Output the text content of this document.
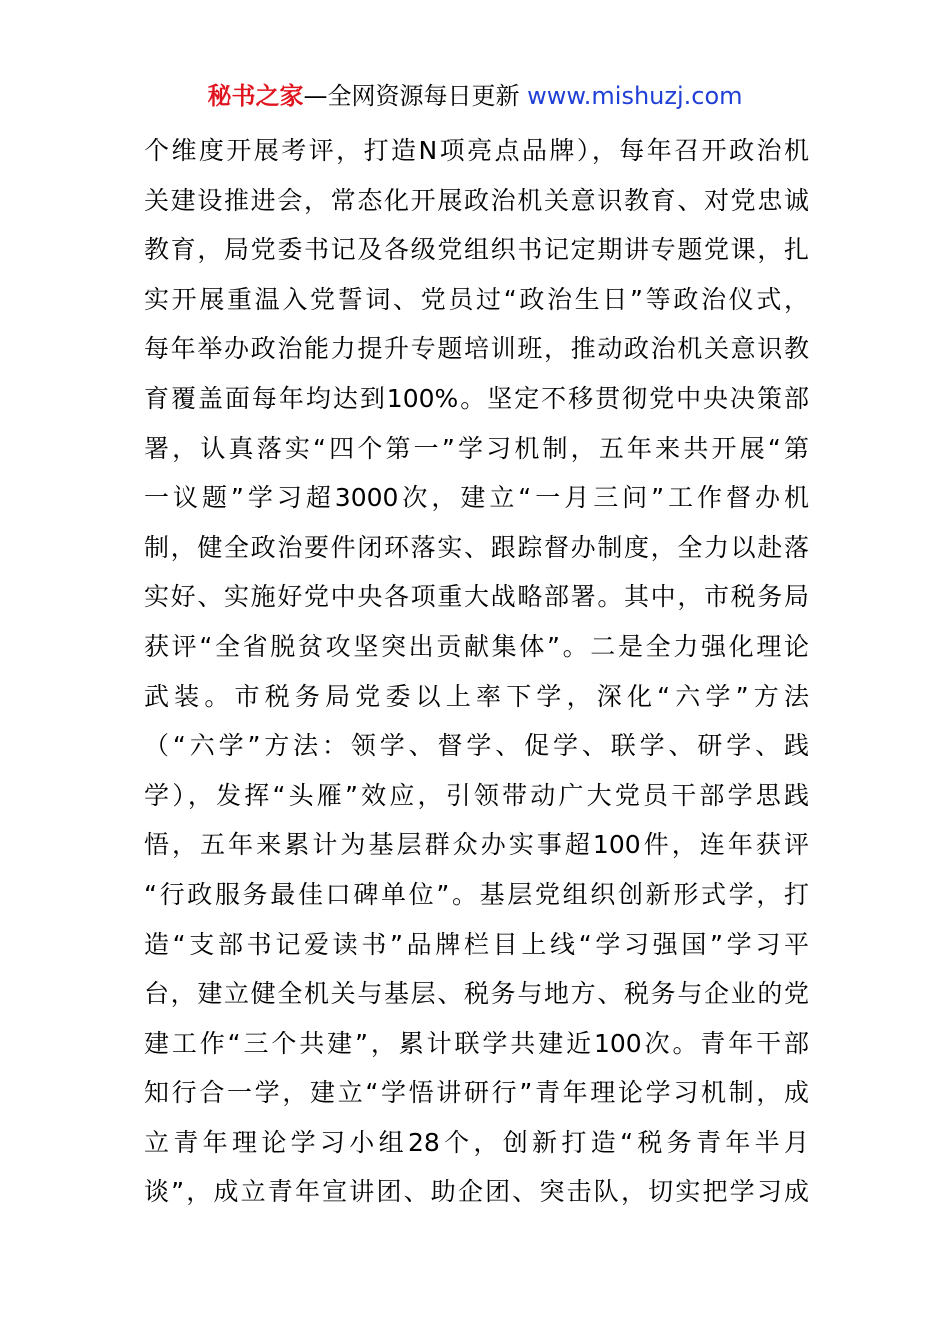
秘书之家—全网资源每日更新 www.mishuzj.com
个维度开展考评，打造N项亮点品牌），每年召开政治机
关建设推进会，常态化开展政治机关意识教育、对党忠诚
教育，局党委书记及各级党组织书记定期讲专题党课，扎
实开展重温入党誓词、党员过“政治生日”等政治仪式，
每年举办政治能力提升专题培训班，推动政治机关意识教
育覆盖面每年均达到100%。坚定不移贯彻党中央决策部
署，认真落实“四个第一”学习机制，五年来共开展“第
一议题”学习超3000次，建立“一月三问”工作督办机
制，健全政治要件闭环落实、跟踪督办制度，全力以赴落
实好、实施好党中央各项重大战略部署。其中，市税务局
获评“全省脱贫攻坚突出贡献集体”。二是全力强化理论
武装。市税务局党委以上率下学，深化“六学”方法
（“六学”方法：领学、督学、促学、联学、研学、践
学），发挥“头雁”效应，引领带动广大党员干部学思践
悟，五年来累计为基层群众办实事超100件，连年获评
“行政服务最佳口碑单位”。基层党组织创新形式学，打
造“支部书记爱读书”品牌栏目上线“学习强国”学习平
台，建立健全机关与基层、税务与地方、税务与企业的党
建工作“三个共建”，累计联学共建近100次。青年干部
知行合一学，建立“学悟讲研行”青年理论学习机制，成
立青年理论学习小组28个，创新打造“税务青年半月
谈”，成立青年宣讲团、助企团、突击队，切实把学习成
